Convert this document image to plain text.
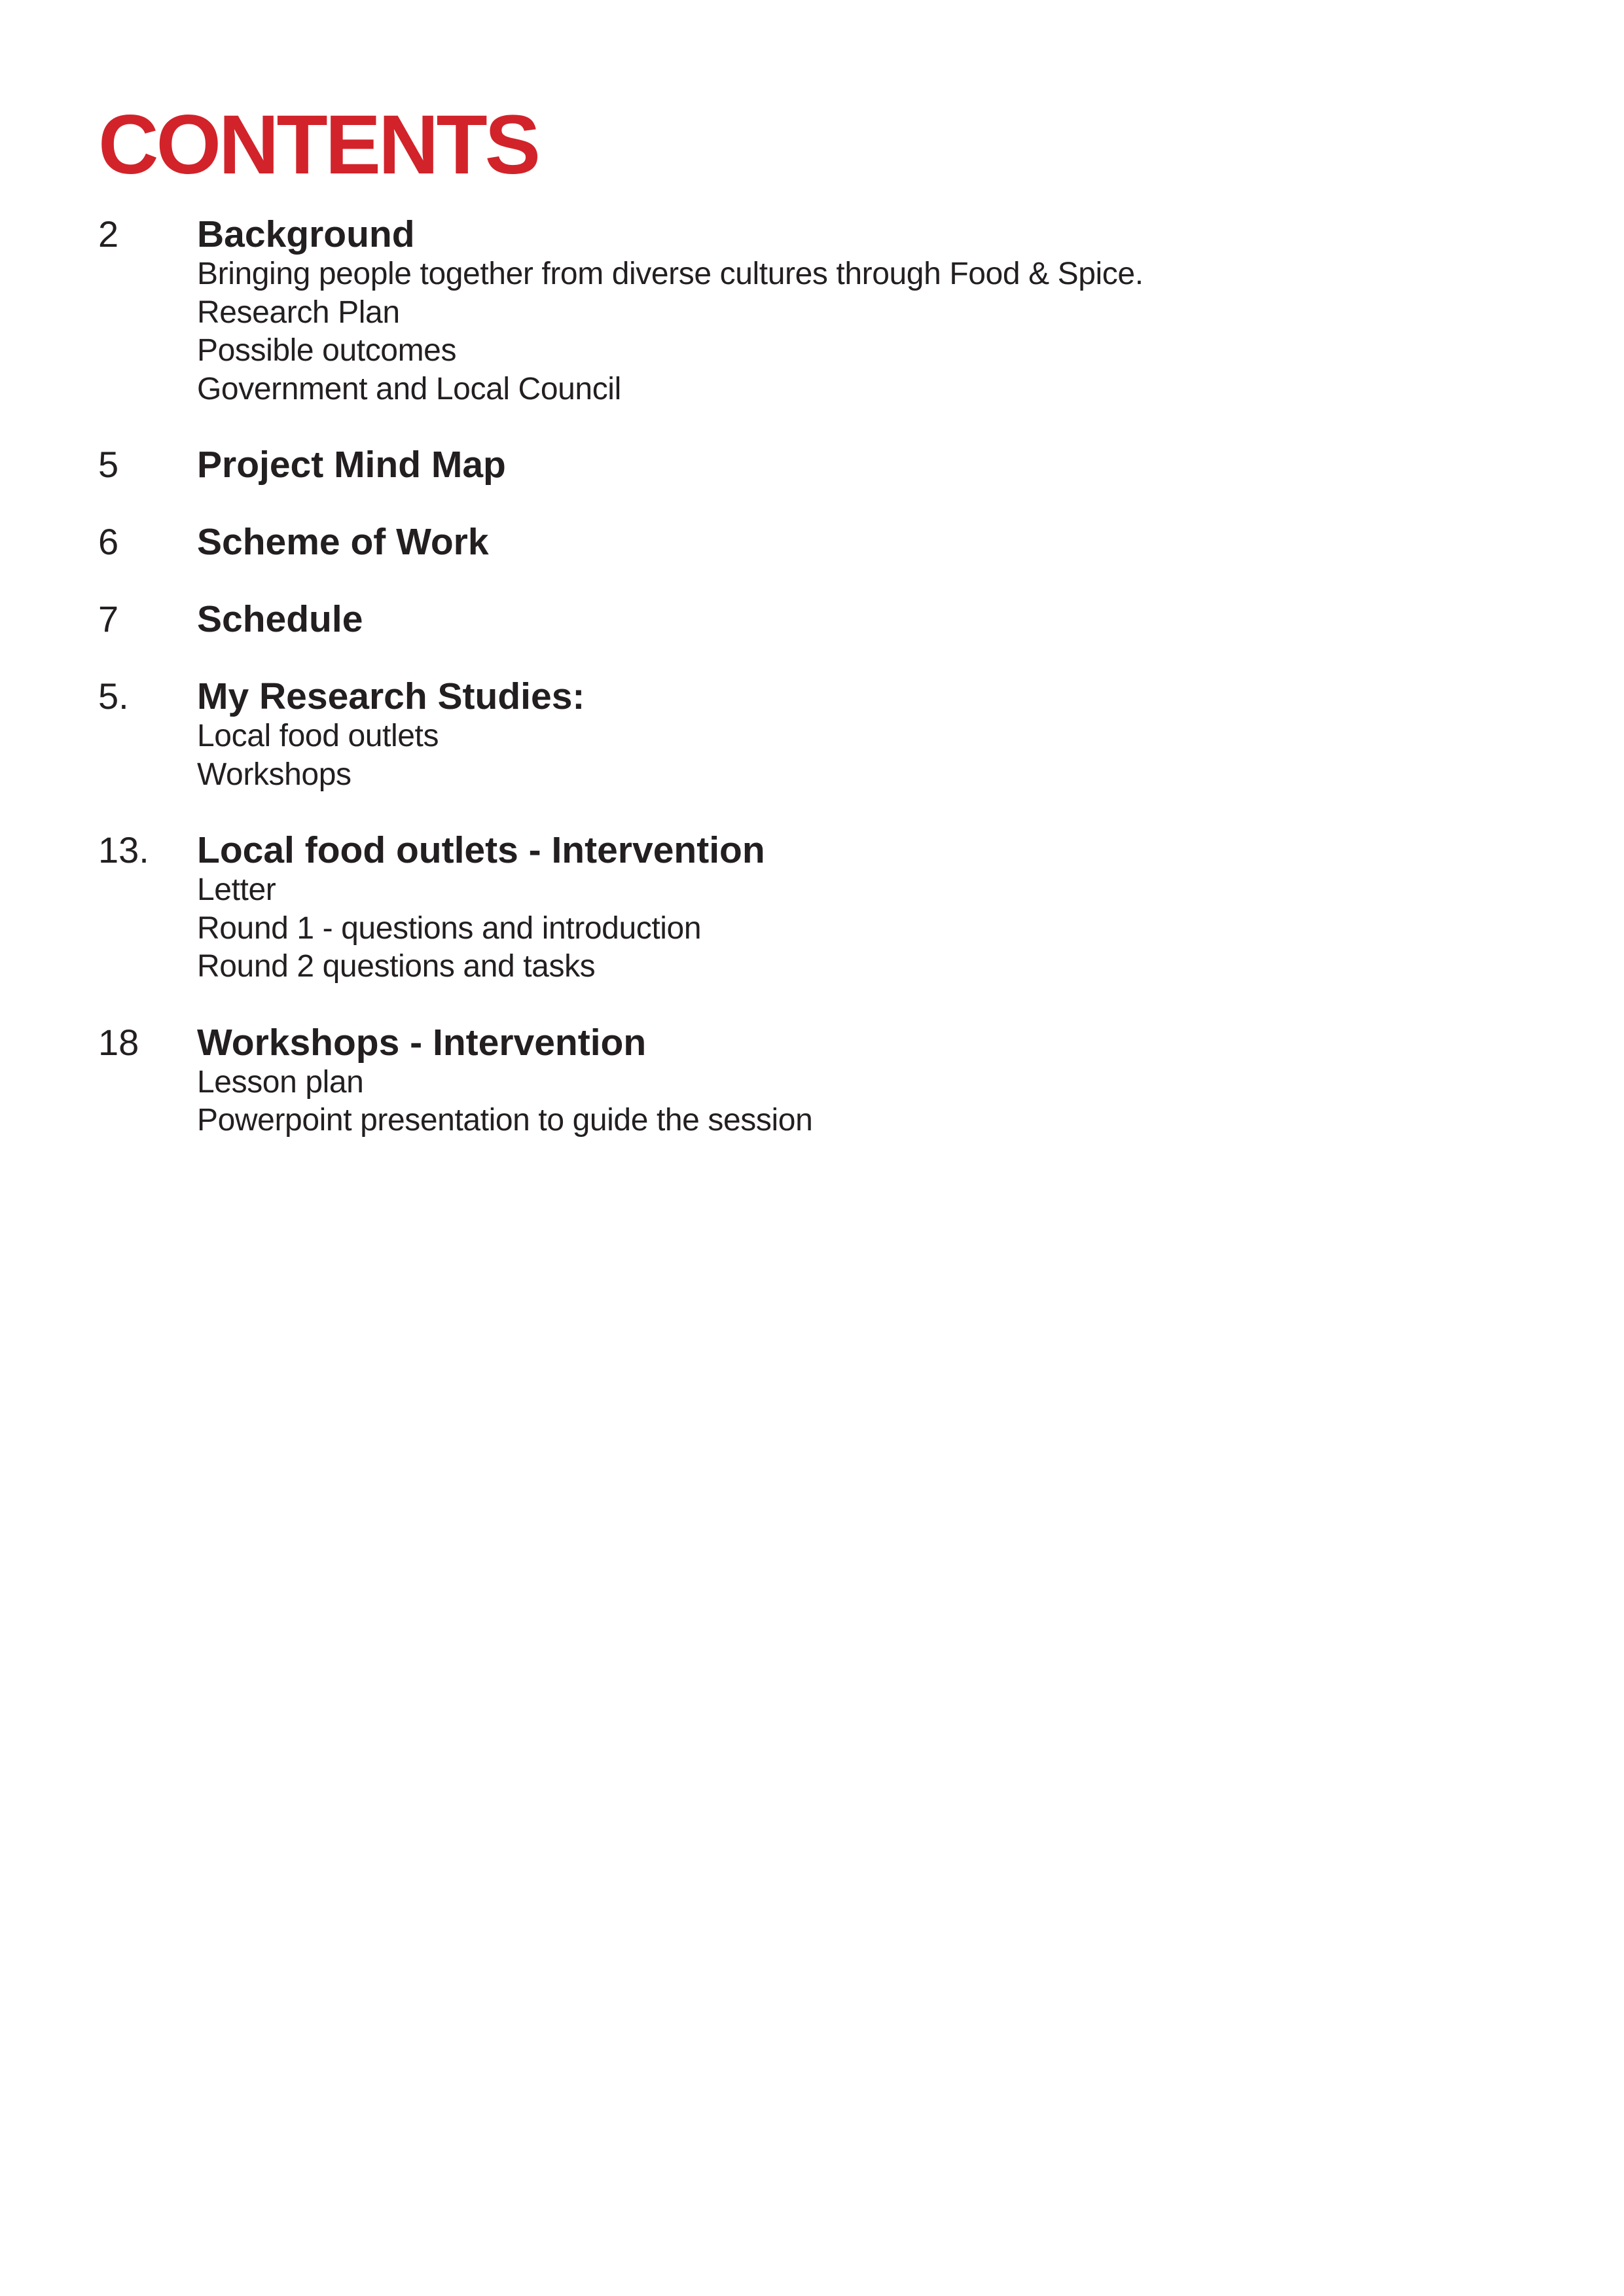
CONTENTS
2	Background
Bringing people together from diverse cultures through Food & Spice.
Research Plan
Possible outcomes
Government and Local Council
5	Project Mind Map
6	Scheme of Work
7	Schedule
5.	My Research Studies:
Local food outlets
Workshops
13.	Local food outlets - Intervention
Letter
Round 1 - questions and introduction
Round 2 questions and tasks
18	Workshops - Intervention
Lesson plan
Powerpoint presentation to guide the session
